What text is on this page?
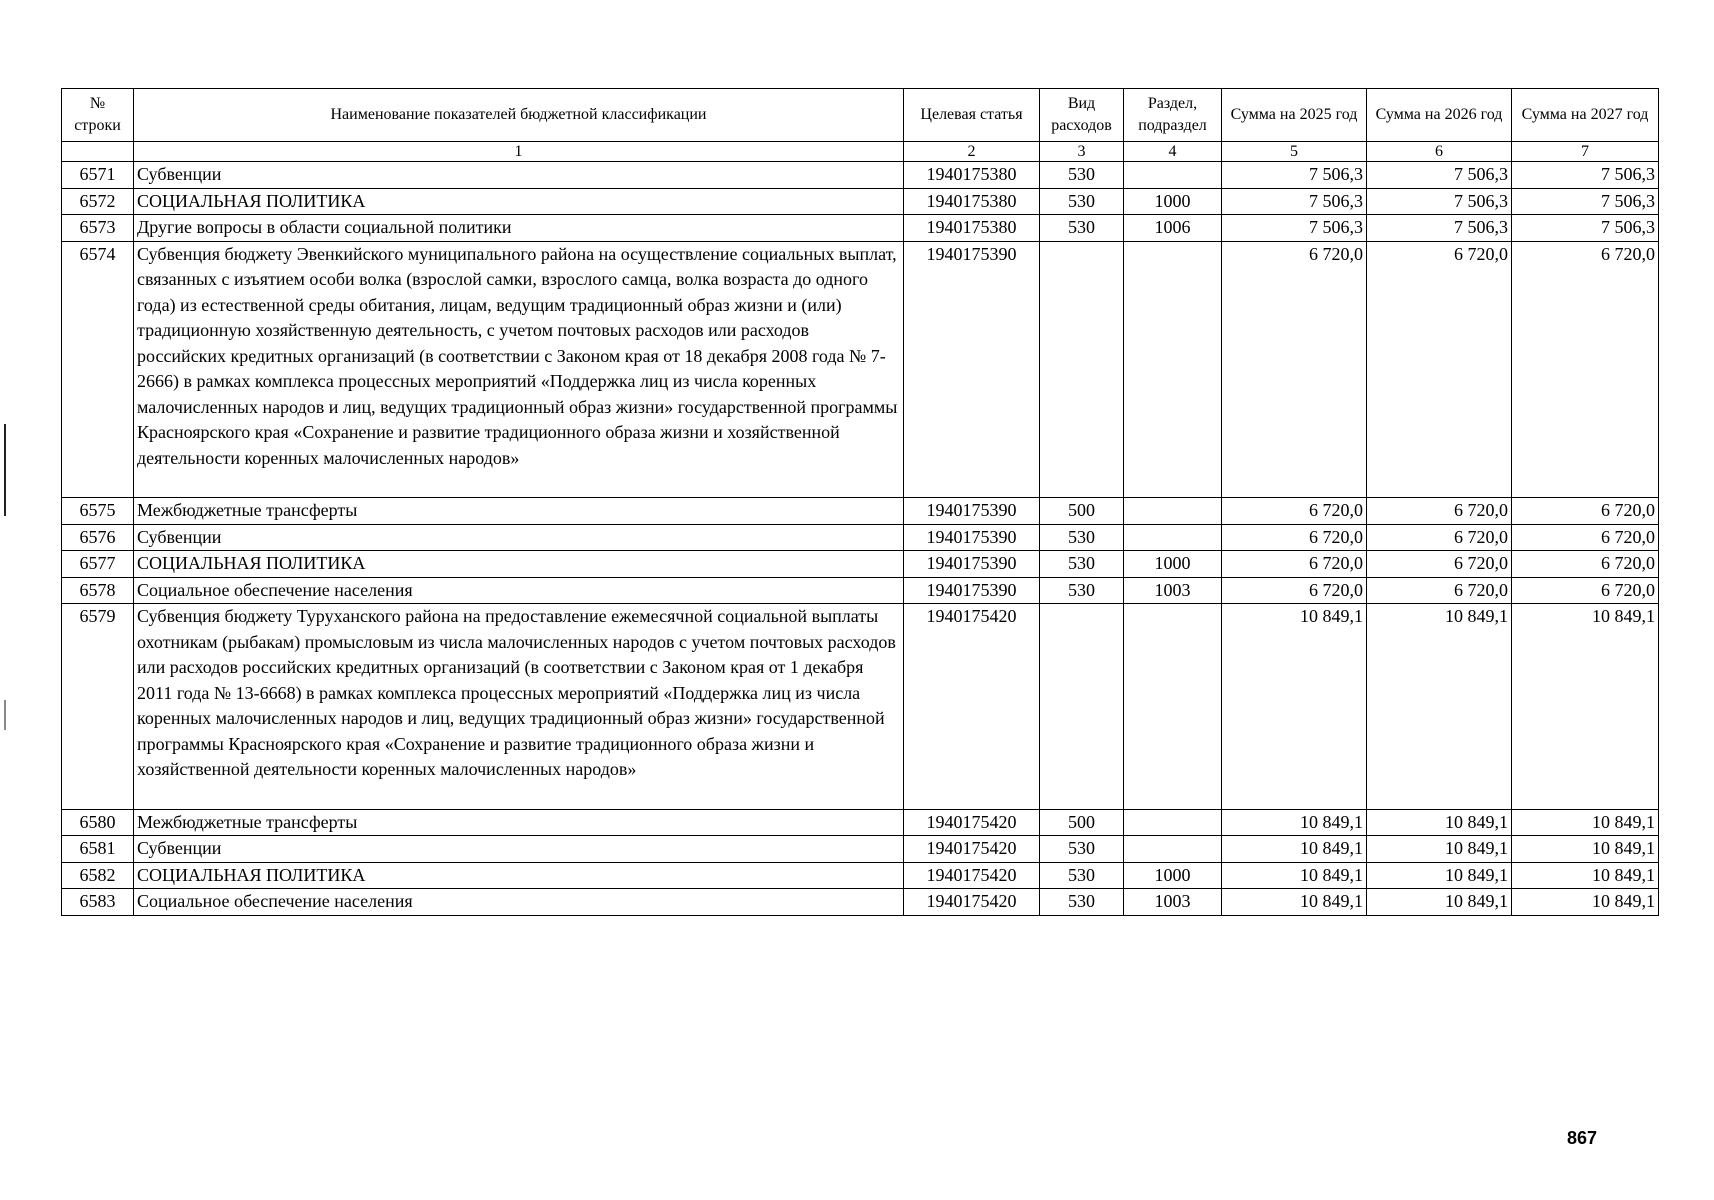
№ строки	Наименование показателей бюджетной классификации	Целевая статья	Вид расходов	Раздел, подраздел	Сумма на 2025 год	Сумма на 2026 год	Сумма на 2027 год
	1	2	3	4	5	6	7
6571	Субвенции	1940175380	530		7 506,3	7 506,3	7 506,3
6572	СОЦИАЛЬНАЯ ПОЛИТИКА	1940175380	530	1000	7 506,3	7 506,3	7 506,3
6573	Другие вопросы в области социальной политики	1940175380	530	1006	7 506,3	7 506,3	7 506,3
6574	Субвенция бюджету Эвенкийского муниципального района на осуществление социальных выплат, связанных с изъятием особи волка (взрослой самки, взрослого самца, волка возраста до одного года) из естественной среды обитания, лицам, ведущим традиционный образ жизни и (или) традиционную хозяйственную деятельность, с учетом почтовых расходов или расходов российских кредитных организаций (в соответствии с Законом края от 18 декабря 2008 года № 7-2666) в рамках комплекса процессных мероприятий «Поддержка лиц из числа коренных малочисленных народов и лиц, ведущих традиционный образ жизни» государственной программы Красноярского края «Сохранение и развитие традиционного образа жизни и хозяйственной деятельности коренных малочисленных народов»	1940175390			6 720,0	6 720,0	6 720,0
6575	Межбюджетные трансферты	1940175390	500		6 720,0	6 720,0	6 720,0
6576	Субвенции	1940175390	530		6 720,0	6 720,0	6 720,0
6577	СОЦИАЛЬНАЯ ПОЛИТИКА	1940175390	530	1000	6 720,0	6 720,0	6 720,0
6578	Социальное обеспечение населения	1940175390	530	1003	6 720,0	6 720,0	6 720,0
6579	Субвенция бюджету Туруханского района на предоставление ежемесячной социальной выплаты охотникам (рыбакам) промысловым из числа малочисленных народов с учетом почтовых расходов или расходов российских кредитных организаций (в соответствии с Законом края от 1 декабря 2011 года № 13-6668) в рамках комплекса процессных мероприятий «Поддержка лиц из числа коренных малочисленных народов и лиц, ведущих традиционный образ жизни» государственной программы Красноярского края «Сохранение и развитие традиционного образа жизни и хозяйственной деятельности коренных малочисленных народов»	1940175420			10 849,1	10 849,1	10 849,1
6580	Межбюджетные трансферты	1940175420	500		10 849,1	10 849,1	10 849,1
6581	Субвенции	1940175420	530		10 849,1	10 849,1	10 849,1
6582	СОЦИАЛЬНАЯ ПОЛИТИКА	1940175420	530	1000	10 849,1	10 849,1	10 849,1
6583	Социальное обеспечение населения	1940175420	530	1003	10 849,1	10 849,1	10 849,1
867
